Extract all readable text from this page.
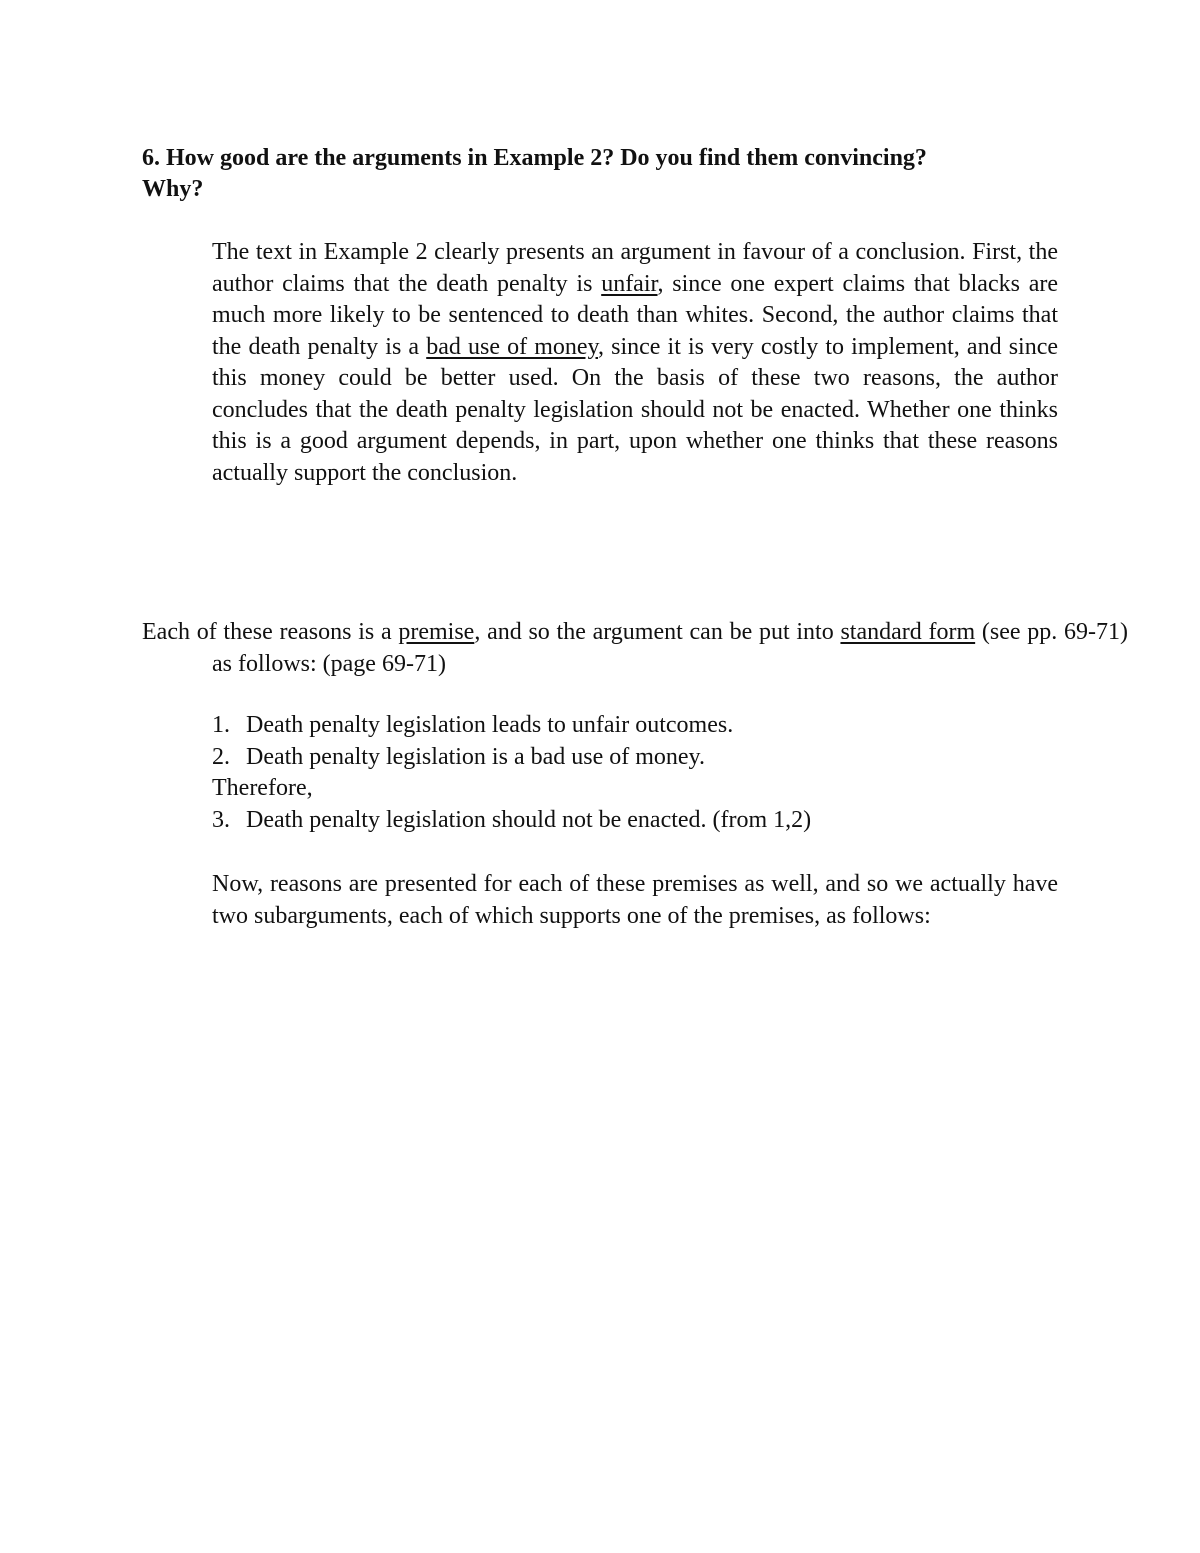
6. How good are the arguments in Example 2? Do you find them convincing?
Why?
The text in Example 2 clearly presents an argument in favour of a conclusion. First, the author claims that the death penalty is unfair, since one expert claims that blacks are much more likely to be sentenced to death than whites. Second, the author claims that the death penalty is a bad use of money, since it is very costly to implement, and since this money could be better used. On the basis of these two reasons, the author concludes that the death penalty legislation should not be enacted. Whether one thinks this is a good argument depends, in part, upon whether one thinks that these reasons actually support the conclusion.
Each of these reasons is a premise, and so the argument can be put into standard form (see pp. 69-71) as follows: (page 69-71)
1. Death penalty legislation leads to unfair outcomes.
2. Death penalty legislation is a bad use of money.
Therefore,
3. Death penalty legislation should not be enacted. (from 1,2)
Now, reasons are presented for each of these premises as well, and so we actually have two subarguments, each of which supports one of the premises, as follows:
